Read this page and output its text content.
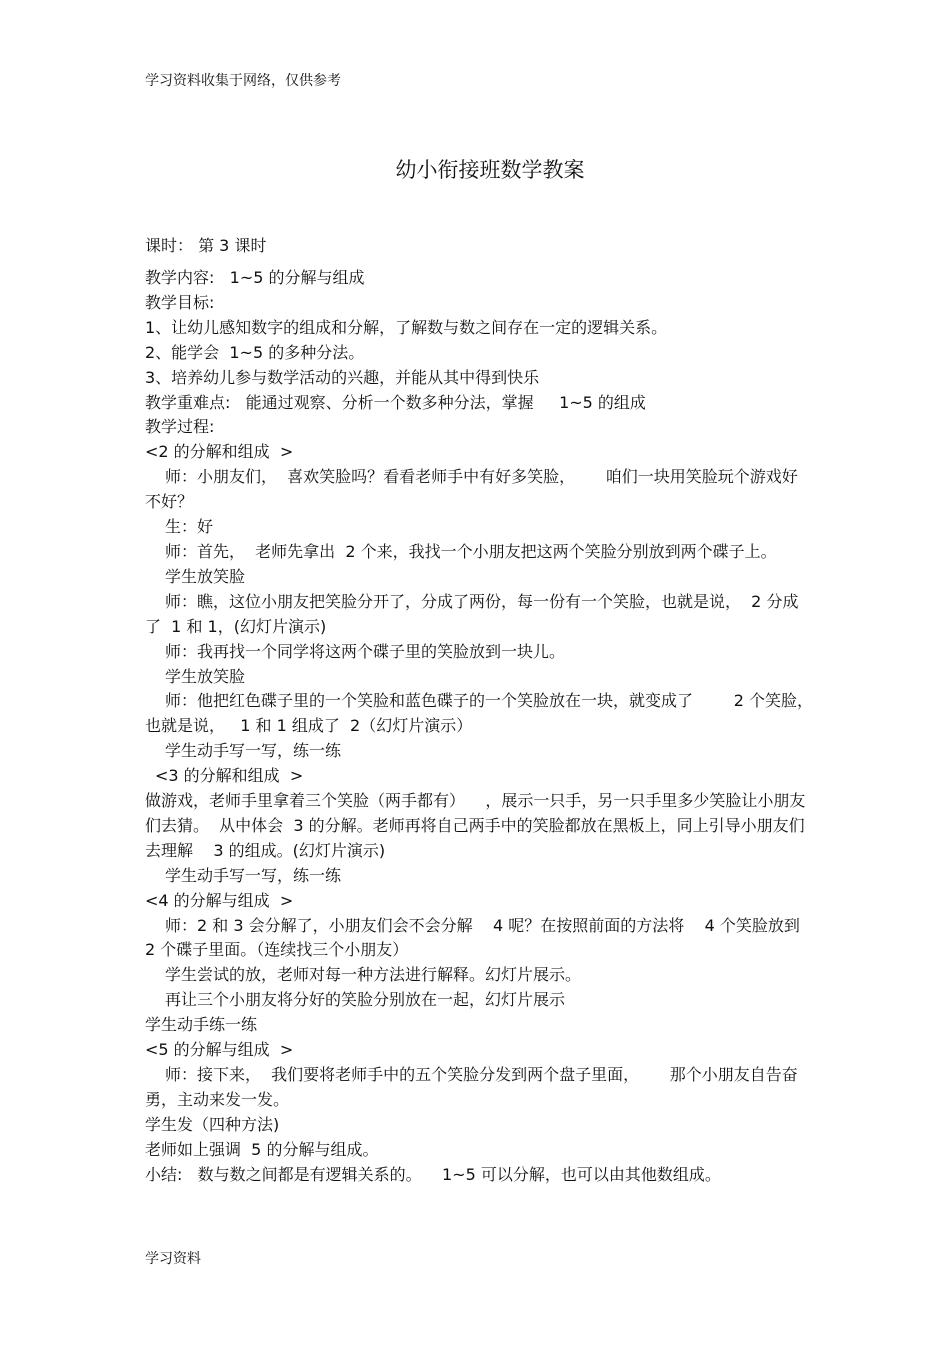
学习资料收集于网络，仅供参考
幼小衔接班数学教案
课时： 第 3 课时

教学内容:   1~5 的分解与组成

教学目标:

1、让幼儿感知数字的组成和分解，了解数与数之间存在一定的逻辑关系。

2、能学会  1~5 的多种分法。

3、培养幼儿参与数学活动的兴趣，并能从其中得到快乐

教学重难点:   能通过观察、分析一个数多种分法，掌握     1~5 的组成

教学过程:

<2 的分解和组成  >

师：小朋友们，  喜欢笑脸吗？看看老师手中有好多笑脸，      咱们一块用笑脸玩个游戏好不好？

生：好

师：首先，  老师先拿出  2 个来，我找一个小朋友把这两个笑脸分别放到两个碟子上。

学生放笑脸

师：瞧，这位小朋友把笑脸分开了，分成了两份，每一份有一个笑脸，也就是说，  2 分成了  1 和 1，(幻灯片演示)

师：我再找一个同学将这两个碟子里的笑脸放到一块儿。

学生放笑脸

师：他把红色碟子里的一个笑脸和蓝色碟子的一个笑脸放在一块，就变成了        2 个笑脸，也就是说，   1 和 1 组成了  2（幻灯片演示）

学生动手写一写，练一练

<3 的分解和组成  >

做游戏，老师手里拿着三个笑脸（两手都有）    ，展示一只手，另一只手里多少笑脸让小朋友们去猜。  从中体会  3 的分解。老师再将自己两手中的笑脸都放在黑板上，同上引导小朋友们去理解    3 的组成。(幻灯片演示)

学生动手写一写，练一练

<4 的分解与组成  >

师：2 和 3 会分解了，小朋友们会不会分解    4 呢？在按照前面的方法将    4 个笑脸放到  2 个碟子里面。（连续找三个小朋友）

学生尝试的放，老师对每一种方法进行解释。幻灯片展示。

再让三个小朋友将分好的笑脸分别放在一起，幻灯片展示

学生动手练一练

<5 的分解与组成  >

师：接下来，  我们要将老师手中的五个笑脸分发到两个盘子里面，      那个小朋友自告奋勇，主动来发一发。

学生发（四种方法)

老师如上强调  5 的分解与组成。

小结:   数与数之间都是有逻辑关系的。    1~5 可以分解，也可以由其他数组成。

学习资料
